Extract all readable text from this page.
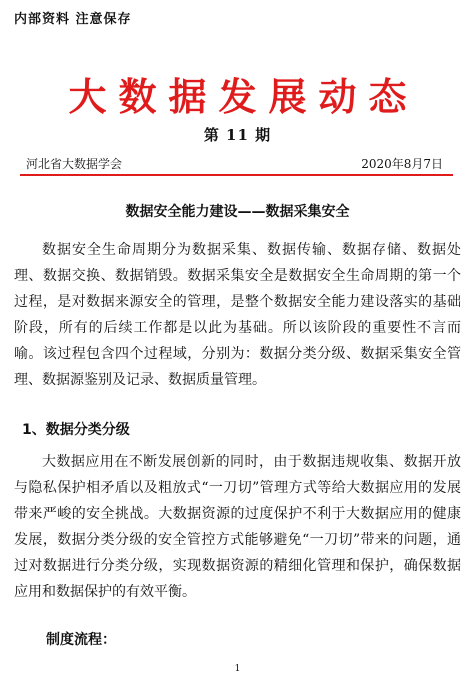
内部资料 注意保存
大数据发展动态
第 11 期
河北省大数据学会	2020年8月7日
数据安全能力建设——数据采集安全

数据安全生命周期分为数据采集、数据传输、数据存储、数据处理、数据交换、数据销毁。数据采集安全是数据安全生命周期的第一个过程，是对数据来源安全的管理，是整个数据安全能力建设落实的基础阶段，所有的后续工作都是以此为基础。所以该阶段的重要性不言而喻。该过程包含四个过程域，分别为：数据分类分级、数据采集安全管理、数据源鉴别及记录、数据质量管理。

1、数据分类分级

大数据应用在不断发展创新的同时，由于数据违规收集、数据开放与隐私保护相矛盾以及粗放式“一刀切”管理方式等给大数据应用的发展带来严峻的安全挑战。大数据资源的过度保护不利于大数据应用的健康发展，数据分类分级的安全管控方式能够避免“一刀切”带来的问题，通过对数据进行分类分级，实现数据资源的精细化管理和保护，确保数据应用和数据保护的有效平衡。

制度流程：
1
